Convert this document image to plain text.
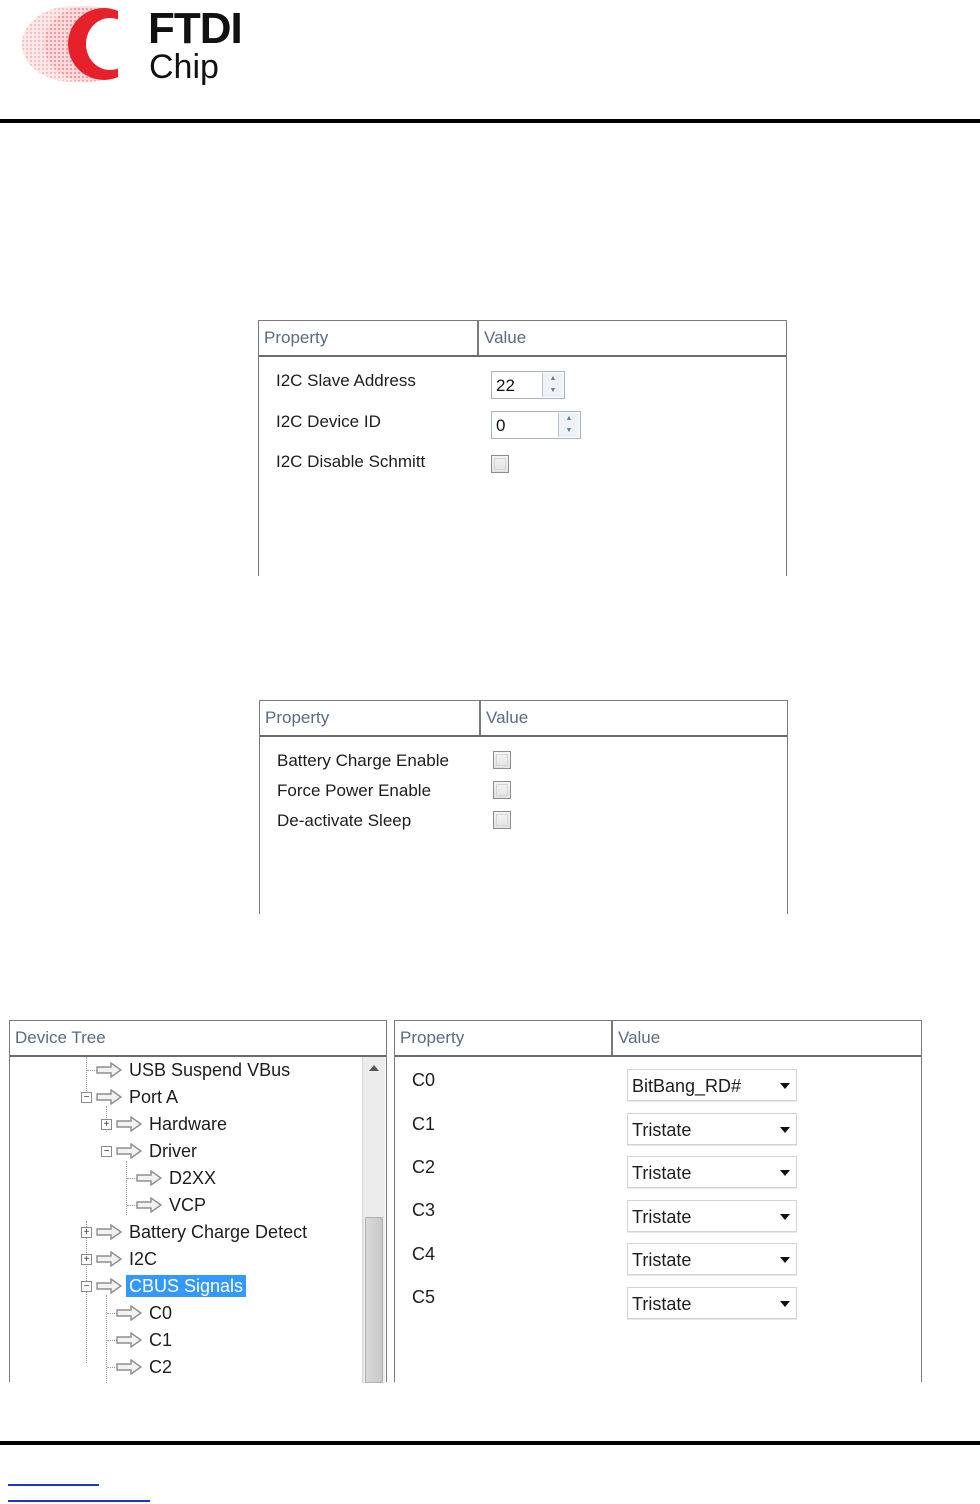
FTDI
Chip
Property	Value
I2C Slave Address	22	▲
▼
I2C Device ID	0	▲
▼
I2C Disable Schmitt
Property	Value
Battery Charge Enable
Force Power Enable
De-activate Sleep
Device Tree
USB Suspend VBus
− Port A
+ Hardware
− Driver
D2XX
VCP
+ Battery Charge Detect
+ I2C
− CBUS Signals
C0
C1
C2
Property	Value
C0	BitBang_RD#
C1	Tristate
C2	Tristate
C3	Tristate
C4	Tristate
C5	Tristate
